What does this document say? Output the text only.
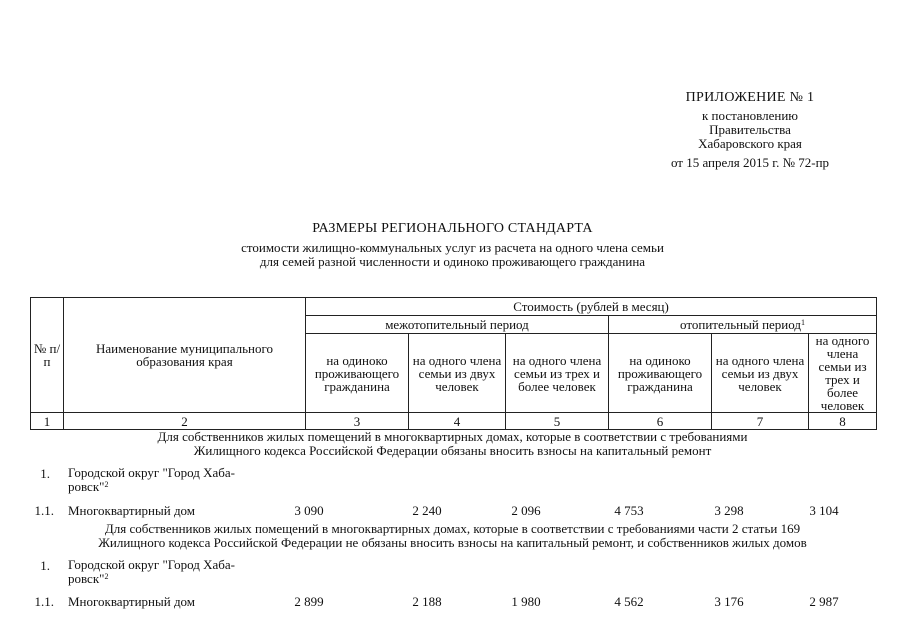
ПРИЛОЖЕНИЕ № 1
к постановлению
Правительства
Хабаровского края
от 15 апреля 2015 г. № 72-пр
РАЗМЕРЫ РЕГИОНАЛЬНОГО СТАНДАРТА
стоимости жилищно-коммунальных услуг из расчета на одного члена семьи
для семей разной численности и одиноко проживающего гражданина
№ п/п	Наименование муниципального образования края	Стоимость (рублей в месяц)					
		межотопительный период			отопительный период$^1$
		на одиноко проживающего гражданина	на одного члена семьи из двух человек	на одного члена семьи из трех и более человек	на одиноко проживающего гражданина	на одного члена семьи из двух человек	на одного члена семьи из трех и более человек
1	2	3	4	5	6	7	8
Для собственников жилых помещений в многоквартирных домах, которые в соответствии с требованиями
Жилищного кодекса Российской Федерации обязаны вносить взносы на капитальный ремонт
1. Городской округ "Город Хаба-
ровск"$^2$
1.1. Многоквартирный дом	3 090	2 240	2 096	4 753	3 298	3 104
Для собственников жилых помещений в многоквартирных домах, которые в соответствии с требованиями части 2 статьи 169
Жилищного кодекса Российской Федерации не обязаны вносить взносы на капитальный ремонт, и собственников жилых домов
1. Городской округ "Город Хаба-
ровск"$^2$
1.1. Многоквартирный дом	2 899	2 188	1 980	4 562	3 176	2 987
